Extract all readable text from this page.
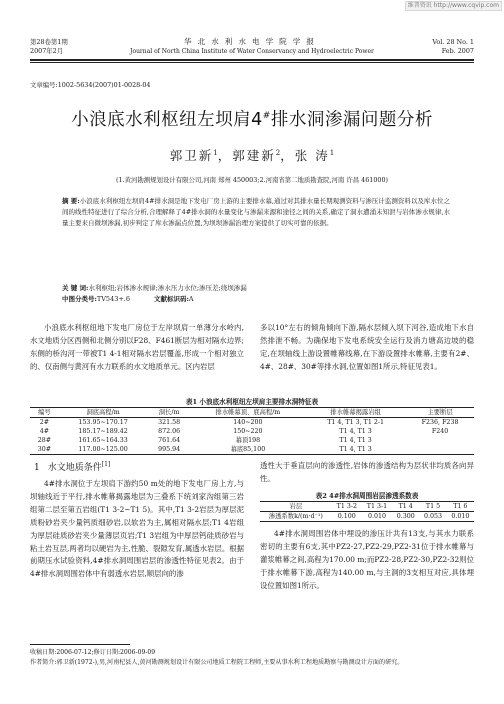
维普资讯 http://www.cqvip.com
第28卷第1期
2007年2月
华北水利水电学院学报
Journal of North China Institute of Water Conservancy and Hydroelectric Power
Vol. 28 No. 1
Feb. 2007
文章编号:1002-5634(2007)01-0028-04
小浪底水利枢纽左坝肩4#排水洞渗漏问题分析
郭卫新$^1$，郭建新$^2$，张 涛$^1$
(1.黄河勘测规划设计有限公司,河南 郑州 450003;2.河南省第二地质勘查院,河南 许昌 461000)
摘 要:小浪底水利枢纽左坝肩4#排水洞是地下发电厂房上游的主要排水幕,通过对其排水量长期观测资料与渗压计监测资料以及库水位之间的线性特征进行了综合分析,合理解释了4#排水洞的水量变化与渗漏来源和途径之间的关系,确定了洞水遭涌未知泄与岩体渗水规律,水量主要来自微坝渗漏,初步判定了库水渗漏点位置,为坝坝渗漏治理方案提供了切实可靠的依据。
关 键 词:水利枢纽;岩体渗水规律;渗水压力水位;渗压差;绕坝渗漏
中图分类号:TV543+.6	文献标识码:A

小浪底水利枢纽地下发电厂房位于左岸坝肩一单薄分水岭内,水文地质分区西侧和北侧分别以F28、F461断层为相对隔水边界;东侧的桥沟河一带被T1 4-1相对隔水岩层覆盖,形成一个相对独立的、仅南侧与黄河有水力联系的水文地质单元。区内岩层

多以10°左右的倾角倾向下游,隔水层倾入坝下河谷,造成地下水自然排泄不畅。为确保地下发电系统安全运行及消力塘高边坡的稳定,在坝轴线上游设置帷幕线幕,在下游设置排水帷幕,主要有2#、4#、28#、30#等排水洞,位置如图1所示,特征见表1。

表1 小浪底水利枢纽左坝肩主要排水洞特征表
编号	洞底高程/m	洞长/m	排水帷幕顶、底高程/m	排水帷幕揭露岩组	主要断层
2#	153.95~170.17	321.58	140~200	T1 4, T1 3, T1 2-1	F236, F238
4#	185.17~189.42	872.06	150~220	T1 4, T1 3	F240
28#	161.65~164.33	761.64	幕顶198	T1 4, T1 3	
30#	117.00~125.00	995.94	幕底85,100	T1 4, T1 3	
1 水文地质条件[1]

4#排水洞位于左坝肩下游约50 m处的地下发电厂房上方,与坝轴线近于平行,排水帷幕揭露地层为三叠系下统刘家沟组第三岩组第二层至第五岩组(T1 3-2~T1 5)。其中,T1 3-2岩层为厚层泥质粉砂岩夹少量钙质细砂岩,以软岩为主,属相对隔水层;T1 4岩组为厚层硅质砂岩夹少量薄层页岩;T1 3岩组为中厚层钙硅质砂岩与粘土岩互层,两者均以硬岩为主,性脆、裂隙发育,属透水岩层。根据前期压水试验资料,4#排水洞周围岩层的渗透性特征见表2。由于4#排水洞周围岩体中有弱透水岩层,顺层向的渗

透性大于垂直层向的渗透性,岩体的渗透结构为层状非均质各向异性。

表2 4#排水洞周围岩层渗透系数表
岩层	T1 3-2	T1 3-1	T1 4	T1 5	T1 6
渗透系数k/(m·d⁻¹)	0.100	0.010	0.300	0.053	0.010

4#排水洞周围岩体中埋设的渗压计共有13支,与其水力联系密切的主要有6支,其中PZ2-27,PZ2-29,PZ2-31位于排水帷幕与灌浆帷幕之间,高程为170.00 m;而PZ2-28,PZ2-30,PZ2-32则位于排水帷幕下游,高程为140.00 m,与主洞的3支相互对应,具体埋设位置如图1所示。

收稿日期:2006-07-12;修订日期:2006-09-09
作者简介:郭卫新(1972-),男,河南杞县人,黄河勘测规划设计有限公司地质工程院工程师,主要从事水利工程地质勘察与勘测设计方面的研究。
